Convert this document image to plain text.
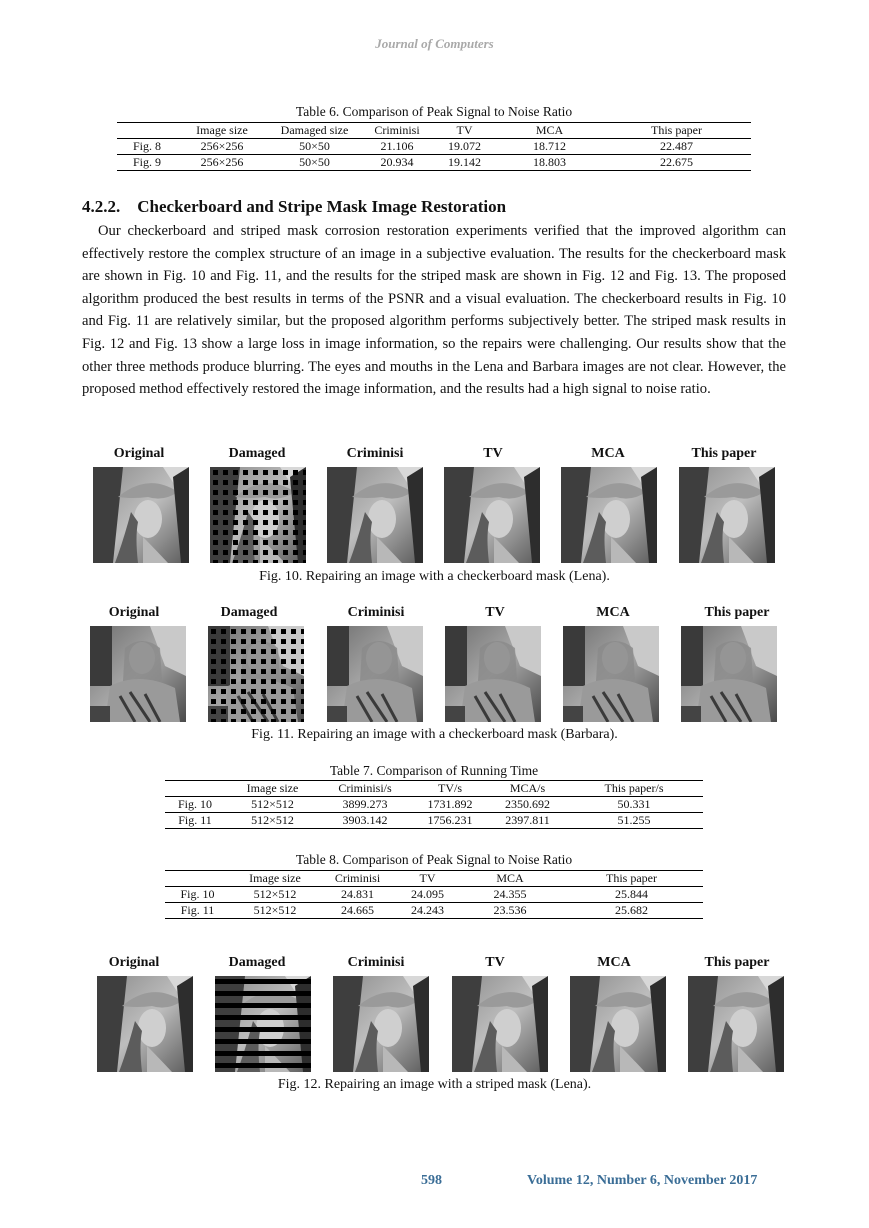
Journal of Computers
Table 6. Comparison of Peak Signal to Noise Ratio
	Image size	Damaged size	Criminisi	TV	MCA	This paper
Fig. 8	256×256	50×50	21.106	19.072	18.712	22.487
Fig. 9	256×256	50×50	20.934	19.142	18.803	22.675
4.2.2.    Checkerboard and Stripe Mask Image Restoration
Our checkerboard and striped mask corrosion restoration experiments verified that the improved algorithm can effectively restore the complex structure of an image in a subjective evaluation. The results for the checkerboard mask are shown in Fig. 10 and Fig. 11, and the results for the striped mask are shown in Fig. 12 and Fig. 13. The proposed algorithm produced the best results in terms of the PSNR and a visual evaluation. The checkerboard results in Fig. 10 and Fig. 11 are relatively similar, but the proposed algorithm performs subjectively better. The striped mask results in Fig. 12 and Fig. 13 show a large loss in image information, so the repairs were challenging. Our results show that the other three methods produce blurring. The eyes and mouths in the Lena and Barbara images are not clear. However, the proposed method effectively restored the image information, and the results had a high signal to noise ratio.
Original	Damaged	Criminisi	TV	MCA	This paper
Fig. 10. Repairing an image with a checkerboard mask (Lena).
Original	Damaged	Criminisi	TV	MCA	This paper
Fig. 11. Repairing an image with a checkerboard mask (Barbara).
Table 7. Comparison of Running Time
	Image size	Criminisi/s	TV/s	MCA/s	This paper/s
Fig. 10	512×512	3899.273	1731.892	2350.692	50.331
Fig. 11	512×512	3903.142	1756.231	2397.811	51.255
Table 8. Comparison of Peak Signal to Noise Ratio
	Image size	Criminisi	TV	MCA	This paper
Fig. 10	512×512	24.831	24.095	24.355	25.844
Fig. 11	512×512	24.665	24.243	23.536	25.682
Original	Damaged	Criminisi	TV	MCA	This paper
Fig. 12. Repairing an image with a striped mask (Lena).
598	Volume 12, Number 6, November 2017
